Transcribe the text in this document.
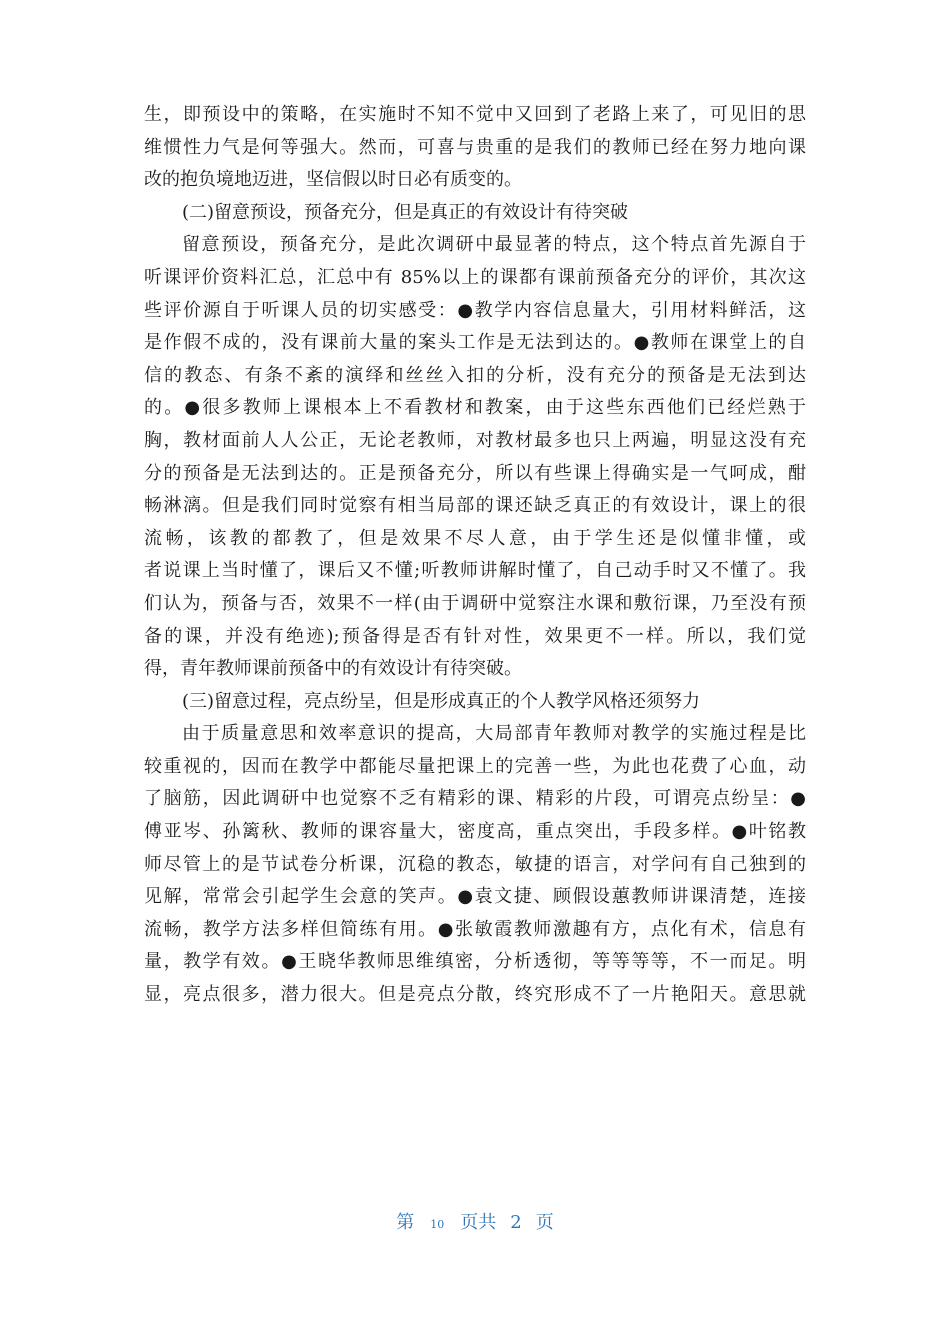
生，即预设中的策略，在实施时不知不觉中又回到了老路上来了，可见旧的思
维惯性力气是何等强大。然而，可喜与贵重的是我们的教师已经在努力地向课
改的抱负境地迈进，坚信假以时日必有质变的。
(二)留意预设，预备充分，但是真正的有效设计有待突破
留意预设，预备充分，是此次调研中最显著的特点，这个特点首先源自于
听课评价资料汇总，汇总中有 85%以上的课都有课前预备充分的评价，其次这
些评价源自于听课人员的切实感受：●教学内容信息量大，引用材料鲜活，这
是作假不成的，没有课前大量的案头工作是无法到达的。●教师在课堂上的自
信的教态、有条不紊的演绎和丝丝入扣的分析，没有充分的预备是无法到达
的。●很多教师上课根本上不看教材和教案，由于这些东西他们已经烂熟于
胸，教材面前人人公正，无论老教师，对教材最多也只上两遍，明显这没有充
分的预备是无法到达的。正是预备充分，所以有些课上得确实是一气呵成，酣
畅淋漓。但是我们同时觉察有相当局部的课还缺乏真正的有效设计，课上的很
流畅，该教的都教了，但是效果不尽人意，由于学生还是似懂非懂，或
者说课上当时懂了，课后又不懂;听教师讲解时懂了，自己动手时又不懂了。我
们认为，预备与否，效果不一样(由于调研中觉察注水课和敷衍课，乃至没有预
备的课，并没有绝迹);预备得是否有针对性，效果更不一样。所以，我们觉
得，青年教师课前预备中的有效设计有待突破。
(三)留意过程，亮点纷呈，但是形成真正的个人教学风格还须努力
由于质量意思和效率意识的提高，大局部青年教师对教学的实施过程是比
较重视的，因而在教学中都能尽量把课上的完善一些，为此也花费了心血，动
了脑筋，因此调研中也觉察不乏有精彩的课、精彩的片段，可谓亮点纷呈：●
傅亚岑、孙篱秋、教师的课容量大，密度高，重点突出，手段多样。●叶铭教
师尽管上的是节试卷分析课，沉稳的教态，敏捷的语言，对学问有自己独到的
见解，常常会引起学生会意的笑声。●袁文捷、顾假设蕙教师讲课清楚，连接
流畅，教学方法多样但简练有用。●张敏霞教师激趣有方，点化有术，信息有
量，教学有效。●王晓华教师思维缜密，分析透彻，等等等等，不一而足。明
显，亮点很多，潜力很大。但是亮点分散，终究形成不了一片艳阳天。意思就
第 10 页共 2 页
